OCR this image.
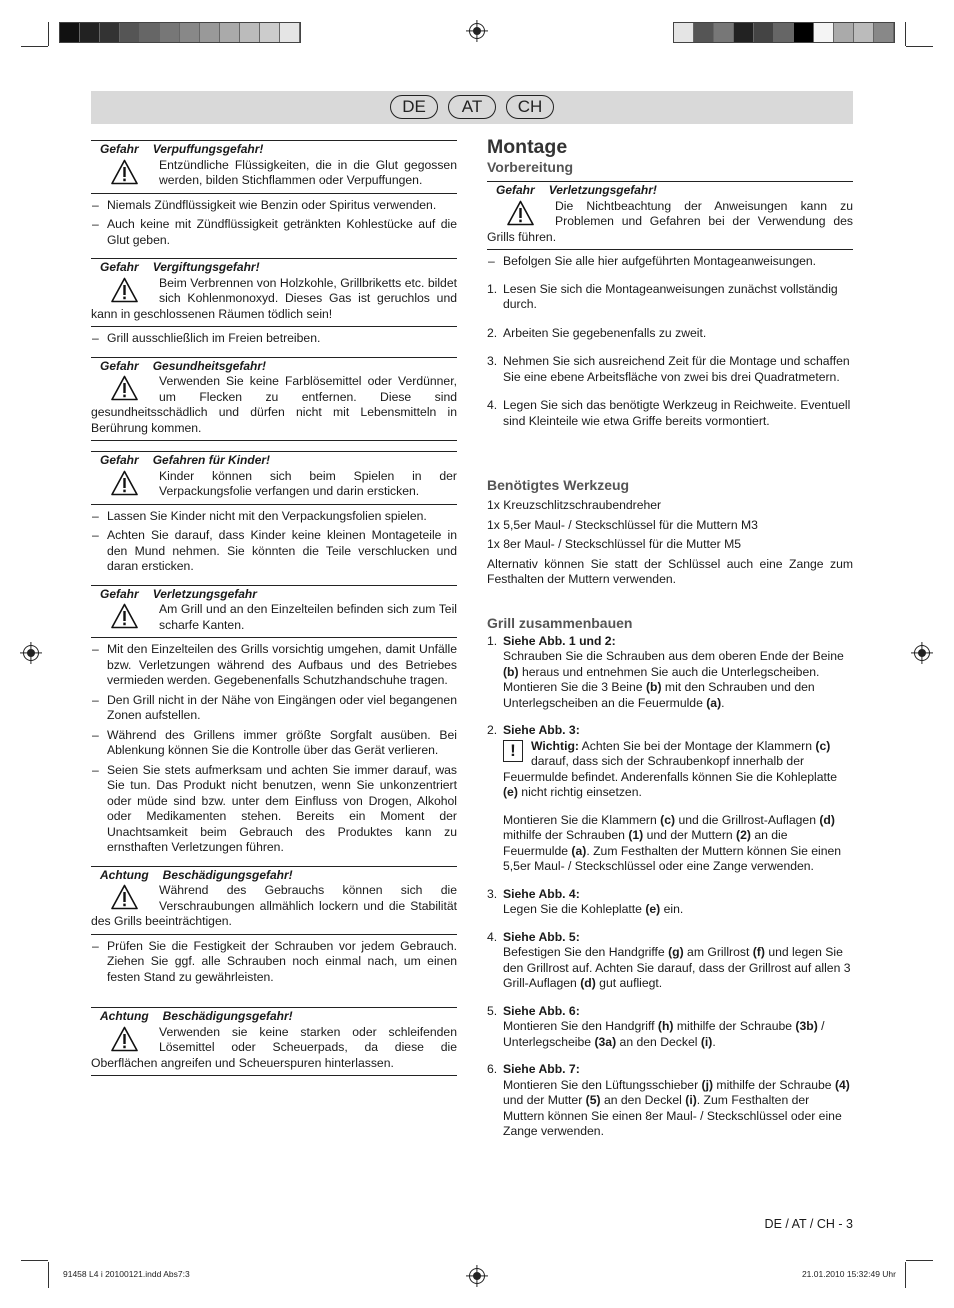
DE	AT	CH
Gefahr Verpuffungsgefahr!
Entzündliche Flüssigkeiten, die in die Glut gegossen werden, bilden Stichflammen oder Verpuffungen.
– Niemals Zündflüssigkeit wie Benzin oder Spiritus verwenden.
– Auch keine mit Zündflüssigkeit getränkten Kohlestücke auf die Glut geben.
Gefahr Vergiftungsgefahr!
Beim Verbrennen von Holzkohle, Grillbriketts etc. bildet sich Kohlenmonoxyd. Dieses Gas ist geruchlos und kann in geschlossenen Räumen tödlich sein!
– Grill ausschließlich im Freien betreiben.
Gefahr Gesundheitsgefahr!
Verwenden Sie keine Farblösemittel oder Verdünner, um Flecken zu entfernen. Diese sind gesundheitsschädlich und dürfen nicht mit Lebensmitteln in Berührung kommen.
Gefahr Gefahren für Kinder!
Kinder können sich beim Spielen in der Verpackungsfolie verfangen und darin ersticken.
– Lassen Sie Kinder nicht mit den Verpackungsfolien spielen.
– Achten Sie darauf, dass Kinder keine kleinen Montageteile in den Mund nehmen. Sie könnten die Teile verschlucken und daran ersticken.
Gefahr Verletzungsgefahr
Am Grill und an den Einzelteilen befinden sich zum Teil scharfe Kanten.
– Mit den Einzelteilen des Grills vorsichtig umgehen, damit Unfälle bzw. Verletzungen während des Aufbaus und des Betriebes vermieden werden. Gegebenenfalls Schutzhandschuhe tragen.
– Den Grill nicht in der Nähe von Eingängen oder viel begangenen Zonen aufstellen.
– Während des Grillens immer größte Sorgfalt ausüben. Bei Ablenkung können Sie die Kontrolle über das Gerät verlieren.
– Seien Sie stets aufmerksam und achten Sie immer darauf, was Sie tun. Das Produkt nicht benutzen, wenn Sie unkonzentriert oder müde sind bzw. unter dem Einfluss von Drogen, Alkohol oder Medikamenten stehen. Bereits ein Moment der Unachtsamkeit beim Gebrauch des Produktes kann zu ernsthaften Verletzungen führen.
Achtung Beschädigungsgefahr!
Während des Gebrauchs können sich die Verschraubungen allmählich lockern und die Stabilität des Grills beeinträchtigen.
– Prüfen Sie die Festigkeit der Schrauben vor jedem Gebrauch. Ziehen Sie ggf. alle Schrauben noch einmal nach, um einen festen Stand zu gewährleisten.
Achtung Beschädigungsgefahr!
Verwenden sie keine starken oder schleifenden Lösemittel oder Scheuerpads, da diese die Oberflächen angreifen und Scheuerspuren hinterlassen.
Montage
Vorbereitung
Gefahr Verletzungsgefahr!
Die Nichtbeachtung der Anweisungen kann zu Problemen und Gefahren bei der Verwendung des Grills führen.
– Befolgen Sie alle hier aufgeführten Montageanweisungen.
1. Lesen Sie sich die Montageanweisungen zunächst vollständig durch.
2. Arbeiten Sie gegebenenfalls zu zweit.
3. Nehmen Sie sich ausreichend Zeit für die Montage und schaffen Sie eine ebene Arbeitsfläche von zwei bis drei Quadratmetern.
4. Legen Sie sich das benötigte Werkzeug in Reichweite. Eventuell sind Kleinteile wie etwa Griffe bereits vormontiert.
Benötigtes Werkzeug
1x Kreuzschlitzschraubendreher
1x 5,5er Maul- / Steckschlüssel für die Muttern M3
1x 8er Maul- / Steckschlüssel für die Mutter M5
Alternativ können Sie statt der Schlüssel auch eine Zange zum Festhalten der Muttern verwenden.
Grill zusammenbauen
1. Siehe Abb. 1 und 2:
Schrauben Sie die Schrauben aus dem oberen Ende der Beine (b) heraus und entnehmen Sie auch die Unterlegscheiben. Montieren Sie die 3 Beine (b) mit den Schrauben und den Unterlegscheiben an die Feuermulde (a).
2. Siehe Abb. 3:
!	Wichtig: Achten Sie bei der Montage der Klammern (c) darauf, dass sich der Schraubenkopf innerhalb der Feuermulde befindet. Anderenfalls können Sie die Kohleplatte (e) nicht richtig einsetzen.
Montieren Sie die Klammern (c) und die Grillrost-Auflagen (d) mithilfe der Schrauben (1) und der Muttern (2) an die Feuermulde (a). Zum Festhalten der Muttern können Sie einen 5,5er Maul- / Steckschlüssel oder eine Zange verwenden.
3. Siehe Abb. 4:
Legen Sie die Kohleplatte (e) ein.
4. Siehe Abb. 5:
Befestigen Sie den Handgriffe (g) am Grillrost (f) und legen Sie den Grillrost auf. Achten Sie darauf, dass der Grillrost auf allen 3 Grill-Auflagen (d) gut aufliegt.
5. Siehe Abb. 6:
Montieren Sie den Handgriff (h) mithilfe der Schraube (3b) / Unterlegscheibe (3a) an den Deckel (i).
6. Siehe Abb. 7:
Montieren Sie den Lüftungsschieber (j) mithilfe der Schraube (4) und der Mutter (5) an den Deckel (i). Zum Festhalten der Muttern können Sie einen 8er Maul- / Steckschlüssel oder eine Zange verwenden.
DE / AT / CH - 3
91458 L4 i 20100121.indd Abs7:3	21.01.2010 15:32:49 Uhr
